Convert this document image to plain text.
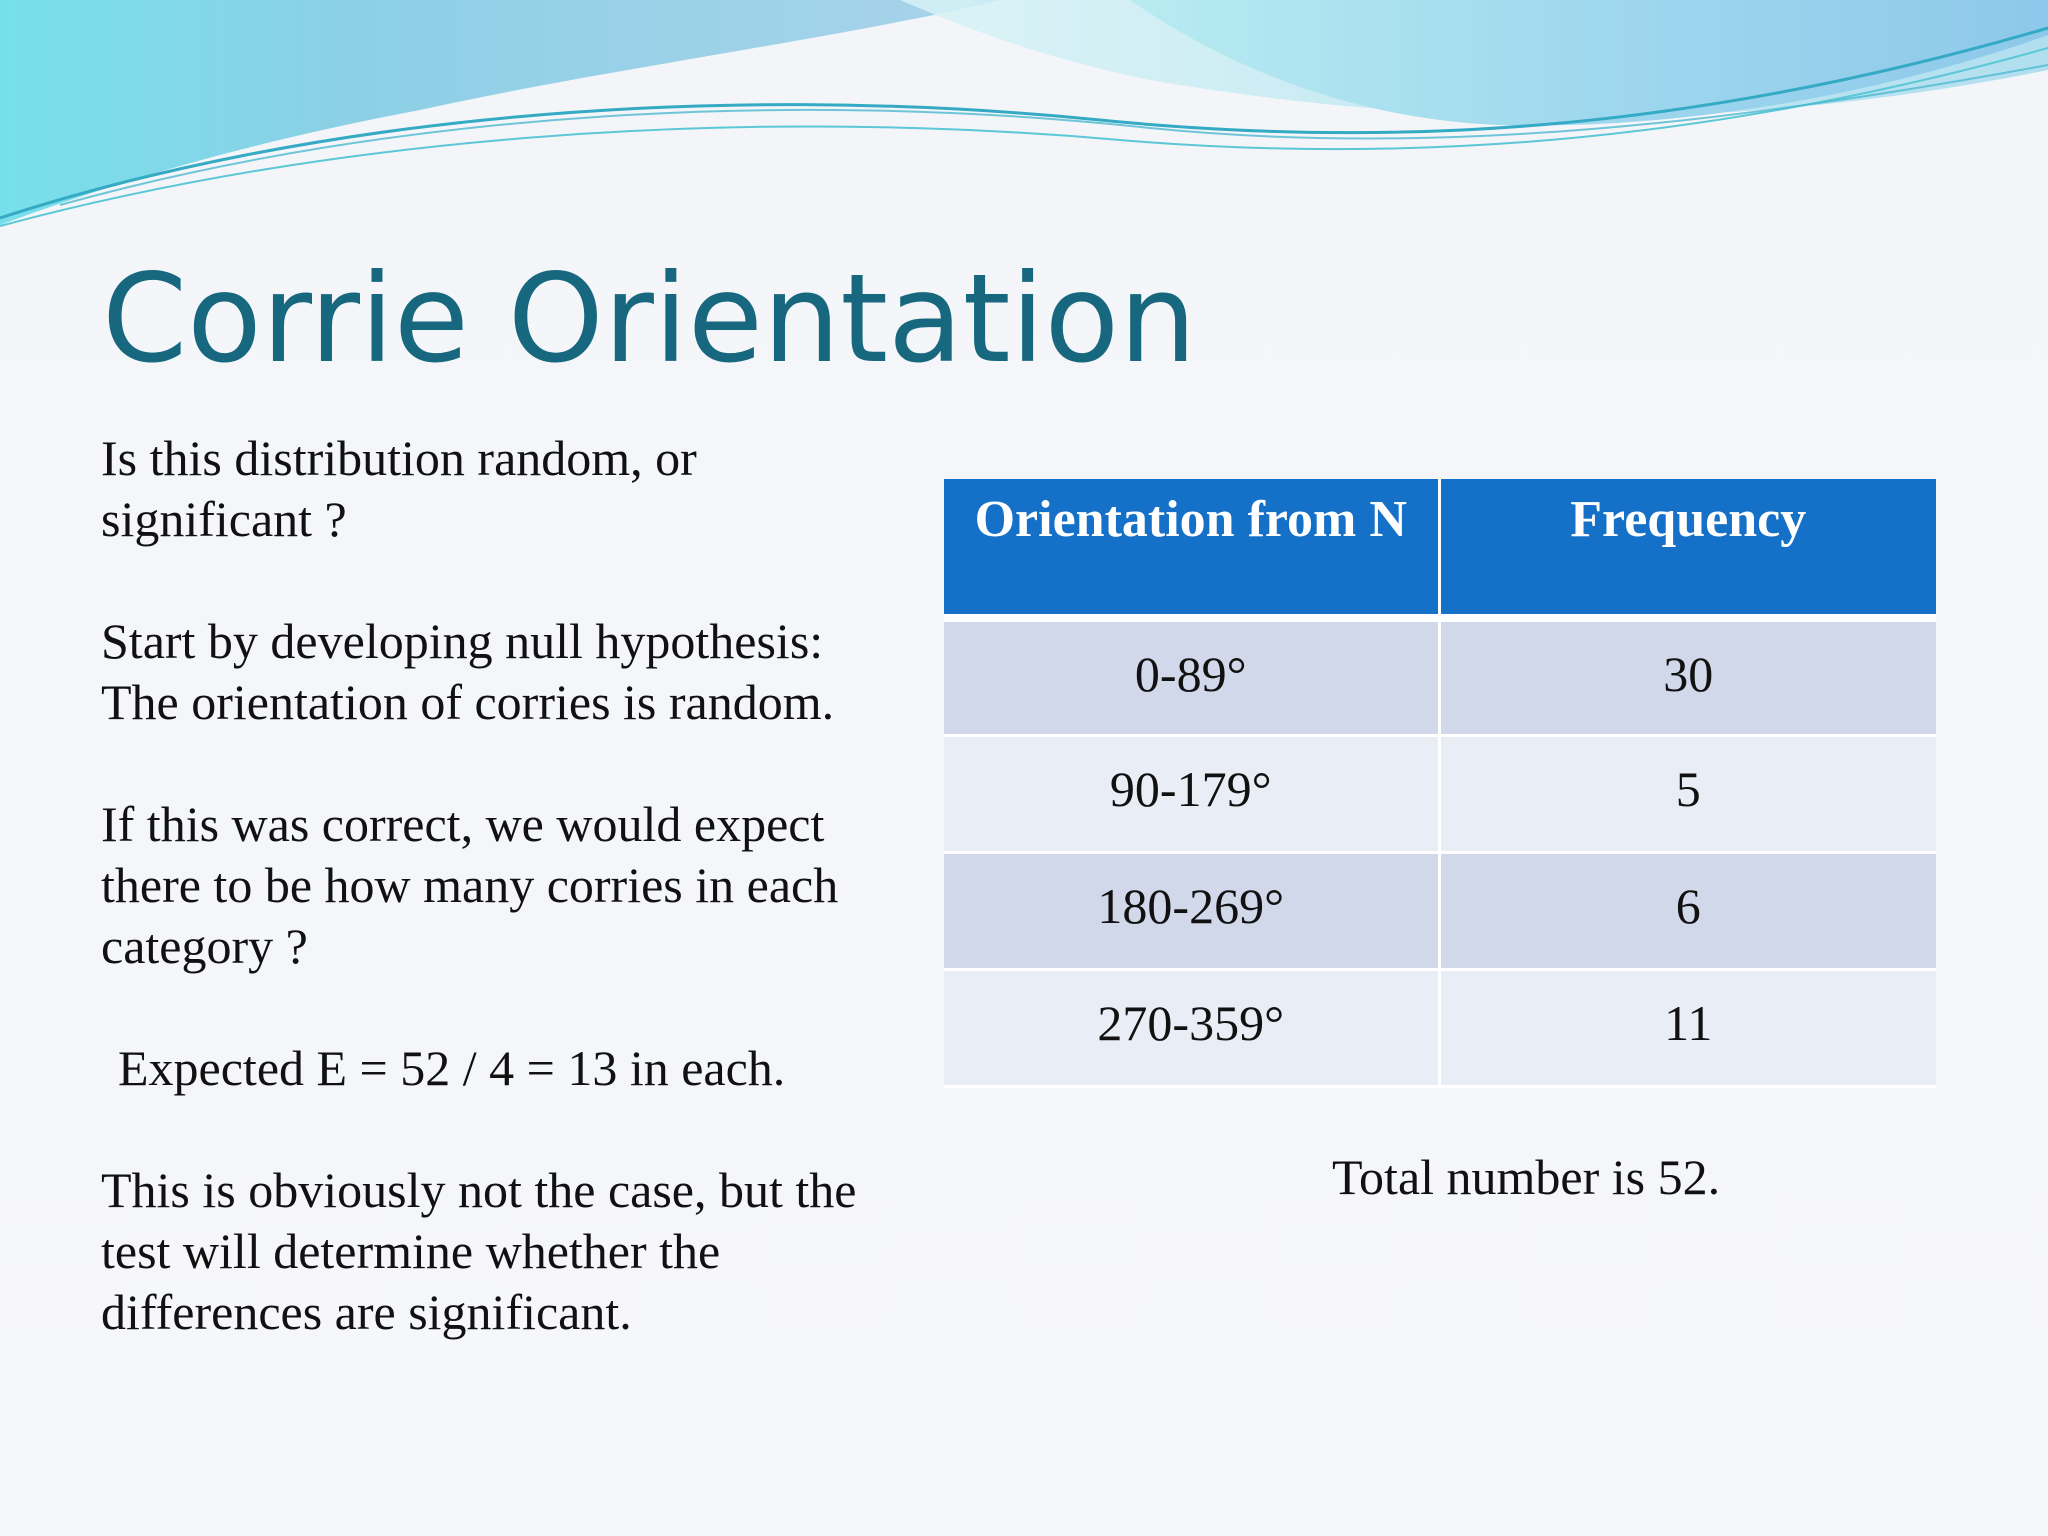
Corrie Orientation

Is this distribution random, or significant ?

Start by developing null hypothesis: The orientation of corries is random.

If this was correct, we would expect there to be how many corries in each category ?

Expected E = 52 / 4 = 13 in each.

This is obviously not the case, but the test will determine whether the differences are significant.

Orientation from N	Frequency
0-89°	30
90-179°	5
180-269°	6
270-359°	11
Total number is 52.
